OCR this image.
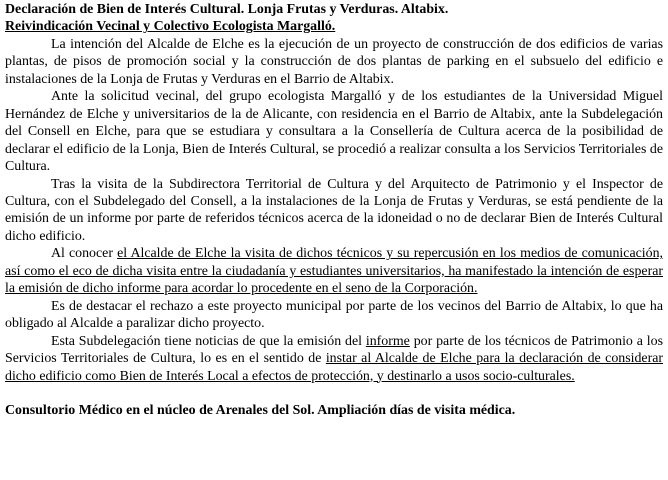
Declaración de Bien de Interés Cultural. Lonja Frutas y Verduras. Altabix.

Reivindicación Vecinal y Colectivo Ecologista Margalló.

La intención del Alcalde de Elche es la ejecución de un proyecto de construcción de dos edificios de varias plantas, de pisos de promoción social y la construcción de dos plantas de parking en el subsuelo del edificio e instalaciones de la Lonja de Frutas y Verduras en el Barrio de Altabix.

Ante la solicitud vecinal, del grupo ecologista Margalló y de los estudiantes de la Universidad Miguel Hernández de Elche y universitarios de la de Alicante, con residencia en el Barrio de Altabix, ante la Subdelegación del Consell en Elche, para que se estudiara y consultara a la Consellería de Cultura acerca de la posibilidad de declarar el edificio de la Lonja, Bien de Interés Cultural, se procedió a realizar consulta a los Servicios Territoriales de Cultura.

Tras la visita de la Subdirectora Territorial de Cultura y del Arquitecto de Patrimonio y el Inspector de Cultura, con el Subdelegado del Consell, a la instalaciones de la Lonja de Frutas y Verduras, se está pendiente de la emisión de un informe por parte de referidos técnicos acerca de la idoneidad o no de declarar Bien de Interés Cultural dicho edificio.

Al conocer el Alcalde de Elche la visita de dichos técnicos y su repercusión en los medios de comunicación, así como el eco de dicha visita entre la ciudadanía y estudiantes universitarios, ha manifestado la intención de esperar la emisión de dicho informe para acordar lo procedente en el seno de la Corporación.

Es de destacar el rechazo a este proyecto municipal por parte de los vecinos del Barrio de Altabix, lo que ha obligado al Alcalde a paralizar dicho proyecto.

Esta Subdelegación tiene noticias de que la emisión del informe por parte de los técnicos de Patrimonio a los Servicios Territoriales de Cultura, lo es en el sentido de instar al Alcalde de Elche para la declaración de considerar dicho edificio como Bien de Interés Local a efectos de protección, y destinarlo a usos socio-culturales.

Consultorio Médico en el núcleo de Arenales del Sol. Ampliación días de visita médica.
